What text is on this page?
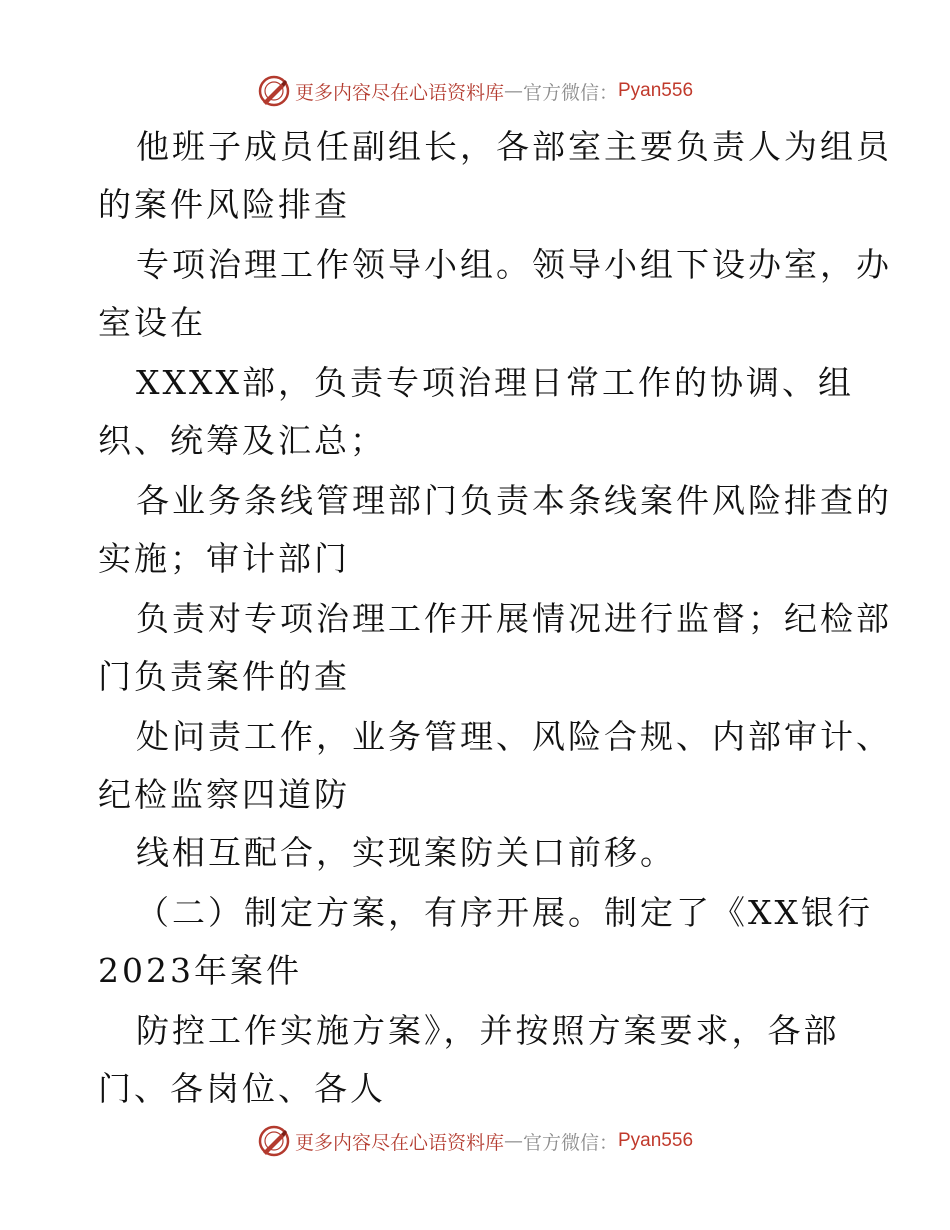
更多内容尽在心语资料库 — 官方微信： Pyan556
他班子成员任副组长，各部室主要负责人为组员
的案件风险排查
专项治理工作领导小组。领导小组下设办室，办
室设在
XXXX部，负责专项治理日常工作的协调、组
织、统筹及汇总；
各业务条线管理部门负责本条线案件风险排查的
实施；审计部门
负责对专项治理工作开展情况进行监督；纪检部
门负责案件的查
处问责工作，业务管理、风险合规、内部审计、
纪检监察四道防
线相互配合，实现案防关口前移。
（二）制定方案，有序开展。制定了《XX银行
2023年案件
防控工作实施方案》，并按照方案要求，各部
门、各岗位、各人
更多内容尽在心语资料库 — 官方微信： Pyan556
